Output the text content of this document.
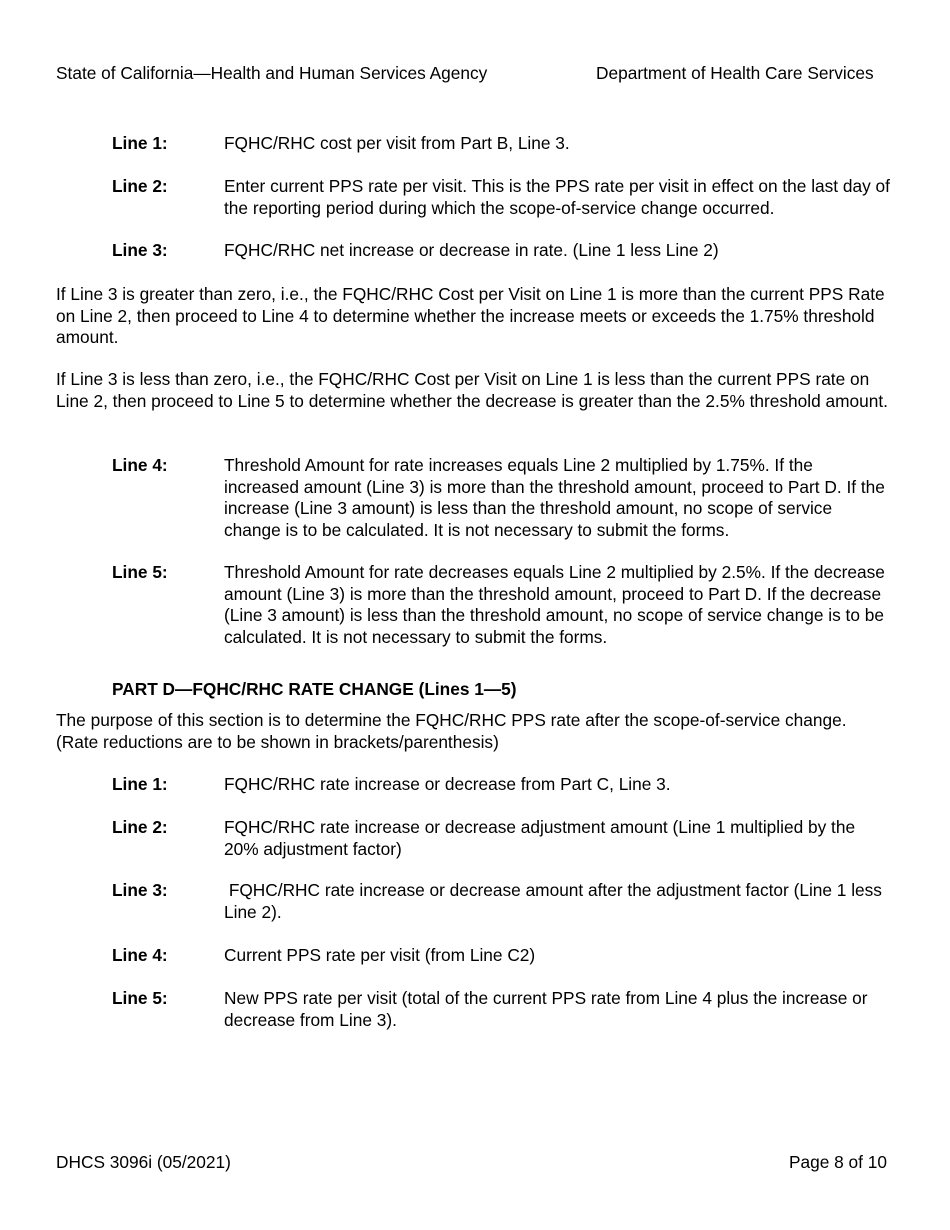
State of California—Health and Human Services Agency	Department of Health Care Services
Line 1:	FQHC/RHC cost per visit from Part B, Line 3.
Line 2:	Enter current PPS rate per visit. This is the PPS rate per visit in effect on the last day of the reporting period during which the scope-of-service change occurred.
Line 3:	FQHC/RHC net increase or decrease in rate. (Line 1 less Line 2)
If Line 3 is greater than zero, i.e., the FQHC/RHC Cost per Visit on Line 1 is more than the current PPS Rate on Line 2, then proceed to Line 4 to determine whether the increase meets or exceeds the 1.75% threshold amount.
If Line 3 is less than zero, i.e., the FQHC/RHC Cost per Visit on Line 1 is less than the current PPS rate on Line 2, then proceed to Line 5 to determine whether the decrease is greater than the 2.5% threshold amount.
Line 4:	Threshold Amount for rate increases equals Line 2 multiplied by 1.75%. If the increased amount (Line 3) is more than the threshold amount, proceed to Part D. If the increase (Line 3 amount) is less than the threshold amount, no scope of service change is to be calculated. It is not necessary to submit the forms.
Line 5:	Threshold Amount for rate decreases equals Line 2 multiplied by 2.5%. If the decrease amount (Line 3) is more than the threshold amount, proceed to Part D. If the decrease (Line 3 amount) is less than the threshold amount, no scope of service change is to be calculated. It is not necessary to submit the forms.
PART D—FQHC/RHC RATE CHANGE (Lines 1—5)
The purpose of this section is to determine the FQHC/RHC PPS rate after the scope-of-service change. (Rate reductions are to be shown in brackets/parenthesis)
Line 1:	FQHC/RHC rate increase or decrease from Part C, Line 3.
Line 2:	FQHC/RHC rate increase or decrease adjustment amount (Line 1 multiplied by the 20% adjustment factor)
Line 3:	FQHC/RHC rate increase or decrease amount after the adjustment factor (Line 1 less Line 2).
Line 4:	Current PPS rate per visit (from Line C2)
Line 5:	New PPS rate per visit (total of the current PPS rate from Line 4 plus the increase or decrease from Line 3).
DHCS 3096i (05/2021)	Page 8 of 10
